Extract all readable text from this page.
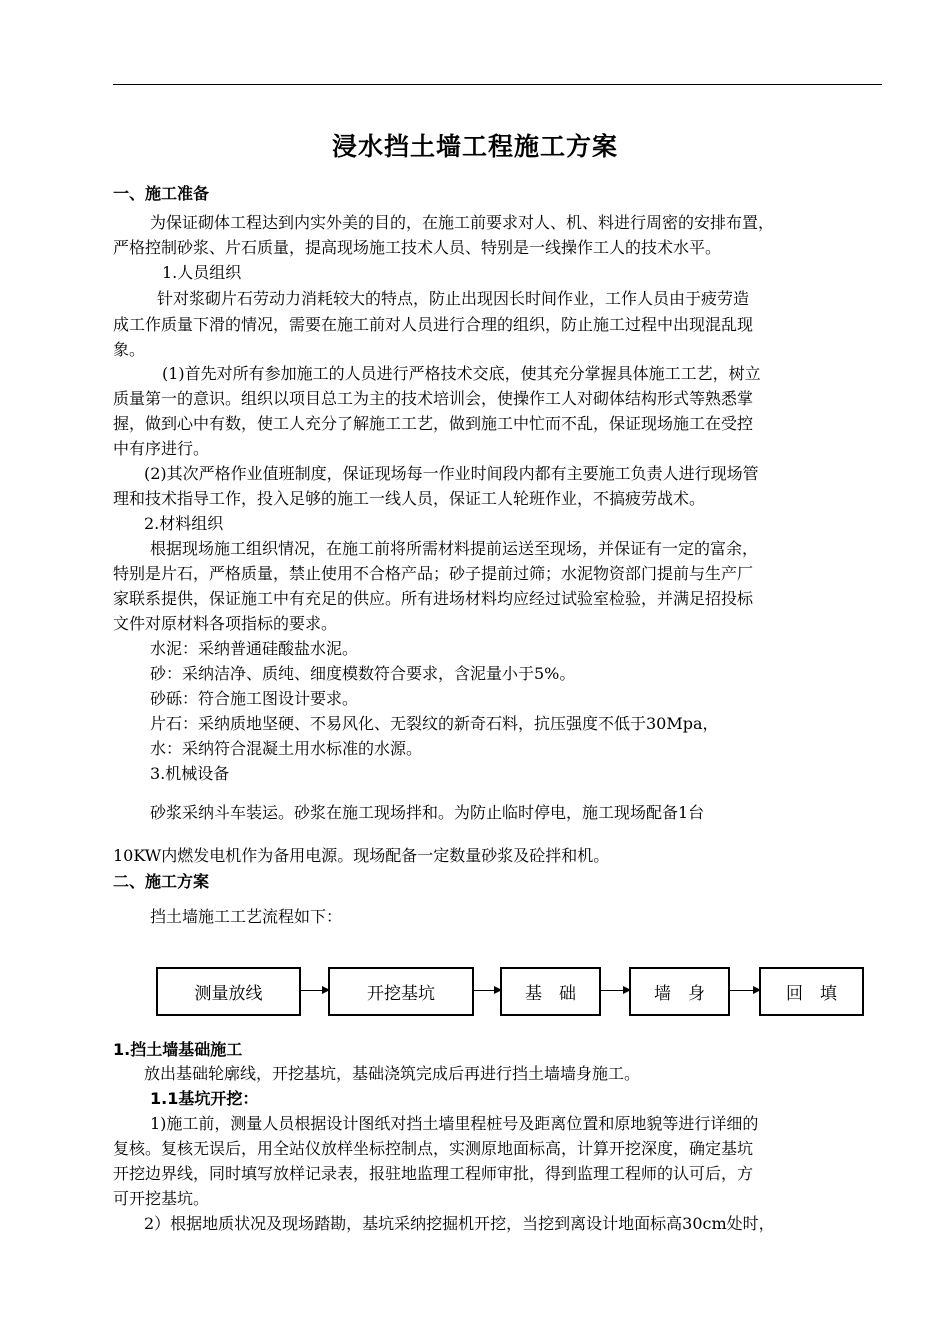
浸水挡土墙工程施工方案
一、施工准备
为保证砌体工程达到内实外美的目的，在施工前要求对人、机、料进行周密的安排布置，
严格控制砂浆、片石质量，提高现场施工技术人员、特别是一线操作工人的技术水平。
1.人员组织
针对浆砌片石劳动力消耗较大的特点，防止出现因长时间作业，工作人员由于疲劳造
成工作质量下滑的情况，需要在施工前对人员进行合理的组织，防止施工过程中出现混乱现
象。
(1)首先对所有参加施工的人员进行严格技术交底，使其充分掌握具体施工工艺，树立
质量第一的意识。组织以项目总工为主的技术培训会，使操作工人对砌体结构形式等熟悉掌
握，做到心中有数，使工人充分了解施工工艺，做到施工中忙而不乱，保证现场施工在受控
中有序进行。
(2)其次严格作业值班制度，保证现场每一作业时间段内都有主要施工负责人进行现场管
理和技术指导工作，投入足够的施工一线人员，保证工人轮班作业，不搞疲劳战术。
2.材料组织
根据现场施工组织情况，在施工前将所需材料提前运送至现场，并保证有一定的富余，
特别是片石，严格质量，禁止使用不合格产品；砂子提前过筛；水泥物资部门提前与生产厂
家联系提供，保证施工中有充足的供应。所有进场材料均应经过试验室检验，并满足招投标
文件对原材料各项指标的要求。
水泥：采纳普通硅酸盐水泥。
砂：采纳洁净、质纯、细度模数符合要求，含泥量小于5%。
砂砾：符合施工图设计要求。
片石：采纳质地坚硬、不易风化、无裂纹的新奇石料，抗压强度不低于30Mpa，
水：采纳符合混凝土用水标准的水源。
3.机械设备
砂浆采纳斗车装运。砂浆在施工现场拌和。为防止临时停电，施工现场配备1台
10KW内燃发电机作为备用电源。现场配备一定数量砂浆及砼拌和机。
二、施工方案
挡土墙施工工艺流程如下：
测量放线	开挖基坑	基　础	墙　身	回　填
1.挡土墙基础施工
放出基础轮廓线，开挖基坑，基础浇筑完成后再进行挡土墙墙身施工。
1.1基坑开挖：
1)施工前，测量人员根据设计图纸对挡土墙里程桩号及距离位置和原地貌等进行详细的
复核。复核无误后，用全站仪放样坐标控制点，实测原地面标高，计算开挖深度，确定基坑
开挖边界线，同时填写放样记录表，报驻地监理工程师审批，得到监理工程师的认可后，方
可开挖基坑。
2）根据地质状况及现场踏勘，基坑采纳挖掘机开挖，当挖到离设计地面标高30cm处时，
